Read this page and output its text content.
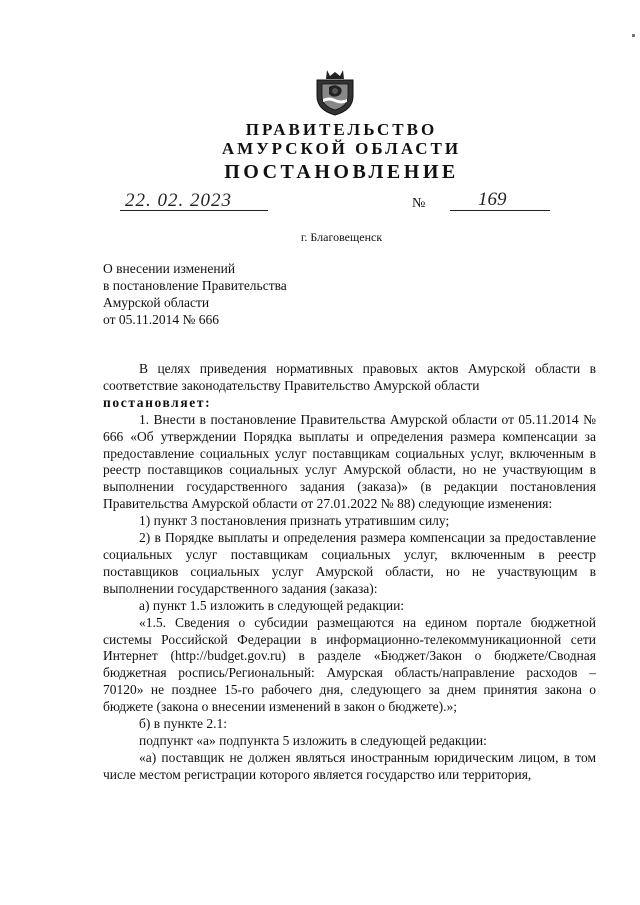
ПРАВИТЕЛЬСТВО
АМУРСКОЙ ОБЛАСТИ
ПОСТАНОВЛЕНИЕ
22. 02. 2023	№	169
г. Благовещенск
О внесении изменений
в постановление Правительства
Амурской области
от 05.11.2014 № 666

В целях приведения нормативных правовых актов Амурской области в соответствие законодательству Правительство Амурской области

постановляет:

1. Внести в постановление Правительства Амурской области от 05.11.2014 № 666 «Об утверждении Порядка выплаты и определения размера компенсации за предоставление социальных услуг поставщикам социальных услуг, включенным в реестр поставщиков социальных услуг Амурской области, но не участвующим в выполнении государственного задания (заказа)» (в редакции постановления Правительства Амурской области от 27.01.2022 № 88) следующие изменения:

1) пункт 3 постановления признать утратившим силу;

2) в Порядке выплаты и определения размера компенсации за предоставление социальных услуг поставщикам социальных услуг, включенным в реестр поставщиков социальных услуг Амурской области, но не участвующим в выполнении государственного задания (заказа):

а) пункт 1.5 изложить в следующей редакции:

«1.5. Сведения о субсидии размещаются на едином портале бюджетной системы Российской Федерации в информационно-телекоммуникационной сети Интернет (http://budget.gov.ru) в разделе «Бюджет/Закон о бюджете/Сводная бюджетная роспись/Региональный: Амурская область/направление расходов – 70120» не позднее 15-го рабочего дня, следующего за днем принятия закона о бюджете (закона о внесении изменений в закон о бюджете).»;

б) в пункте 2.1:

подпункт «а» подпункта 5 изложить в следующей редакции:

«а) поставщик не должен являться иностранным юридическим лицом, в том числе местом регистрации которого является государство или территория,
